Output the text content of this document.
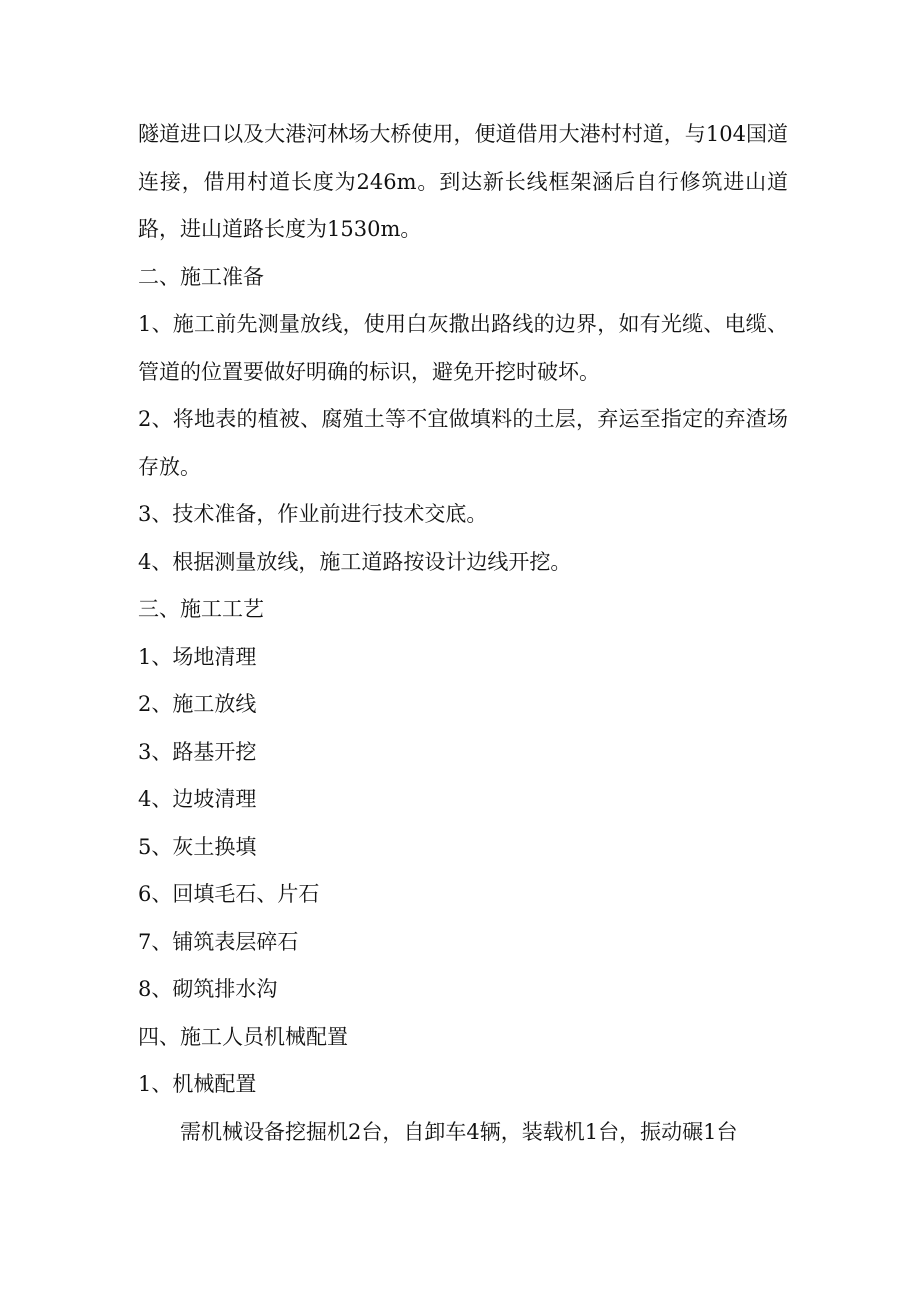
隧道进口以及大港河林场大桥使用，便道借用大港村村道，与104国道连接，借用村道长度为246m。到达新长线框架涵后自行修筑进山道路，进山道路长度为1530m。

二、施工准备

1、施工前先测量放线，使用白灰撒出路线的边界，如有光缆、电缆、管道的位置要做好明确的标识，避免开挖时破坏。

2、将地表的植被、腐殖土等不宜做填料的土层，弃运至指定的弃渣场存放。

3、技术准备，作业前进行技术交底。

4、根据测量放线，施工道路按设计边线开挖。

三、施工工艺

1、场地清理

2、施工放线

3、路基开挖

4、边坡清理

5、灰土换填

6、回填毛石、片石

7、铺筑表层碎石

8、砌筑排水沟

四、施工人员机械配置

1、机械配置

需机械设备挖掘机2台，自卸车4辆，装载机1台，振动碾1台
